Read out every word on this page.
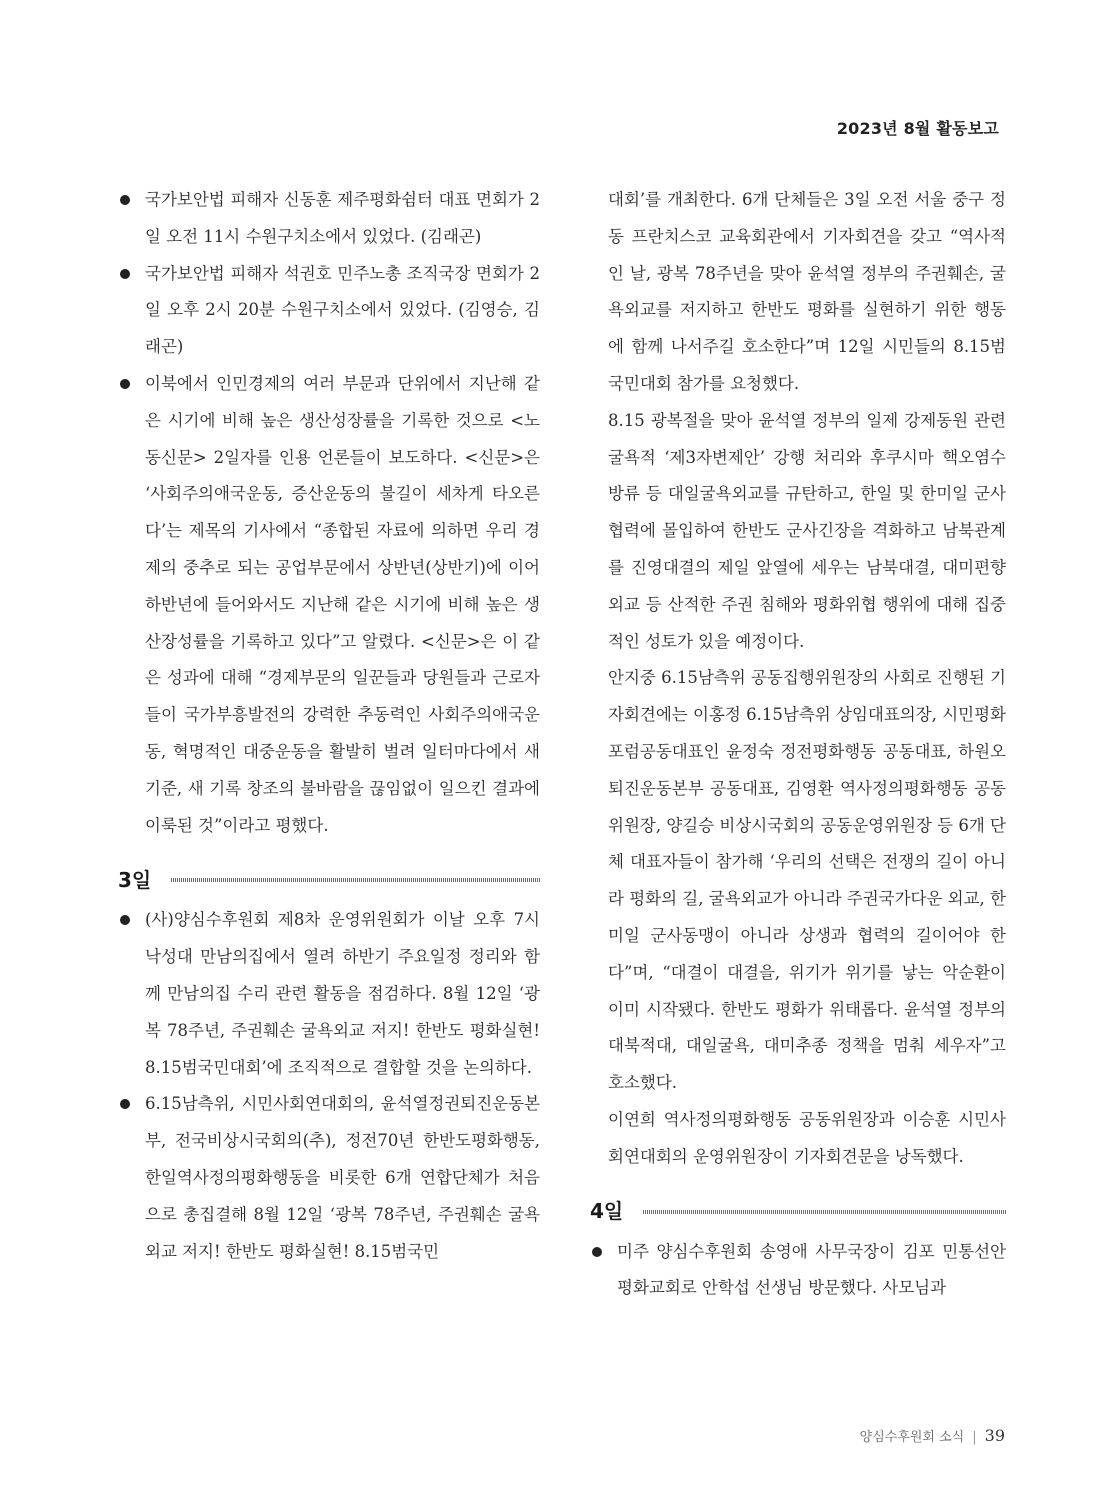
2023년 8월 활동보고
국가보안법 피해자 신동훈 제주평화쉼터 대표 면회가 2일 오전 11시 수원구치소에서 있었다. (김래곤)
국가보안법 피해자 석권호 민주노총 조직국장 면회가 2일 오후 2시 20분 수원구치소에서 있었다. (김영승, 김래곤)
이북에서 인민경제의 여러 부문과 단위에서 지난해 같은 시기에 비해 높은 생산성장률을 기록한 것으로 <노동신문> 2일자를 인용 언론들이 보도하다. <신문>은 ‘사회주의애국운동, 증산운동의 불길이 세차게 타오른다’는 제목의 기사에서 “종합된 자료에 의하면 우리 경제의 중추로 되는 공업부문에서 상반년(상반기)에 이어 하반년에 들어와서도 지난해 같은 시기에 비해 높은 생산장성률을 기록하고 있다”고 알렸다. <신문>은 이 같은 성과에 대해 “경제부문의 일꾼들과 당원들과 근로자들이 국가부흥발전의 강력한 추동력인 사회주의애국운동, 혁명적인 대중운동을 활발히 벌려 일터마다에서 새 기준, 새 기록 창조의 불바람을 끊임없이 일으킨 결과에 이룩된 것”이라고 평했다.
3일
(사)양심수후원회 제8차 운영위원회가 이날 오후 7시 낙성대 만남의집에서 열려 하반기 주요일정 정리와 함께 만남의집 수리 관련 활동을 점검하다. 8월 12일 ‘광복 78주년, 주권훼손 굴욕외교 저지! 한반도 평화실현! 8.15범국민대회’에 조직적으로 결합할 것을 논의하다.
6.15남측위, 시민사회연대회의, 윤석열정권퇴진운동본부, 전국비상시국회의(추), 정전70년 한반도평화행동, 한일역사정의평화행동을 비롯한 6개 연합단체가 처음으로 총집결해 8월 12일 ‘광복 78주년, 주권훼손 굴욕외교 저지! 한반도 평화실현! 8.15범국민
대회’를 개최한다. 6개 단체들은 3일 오전 서울 중구 정동 프란치스코 교육회관에서 기자회견을 갖고 “역사적인 날, 광복 78주년을 맞아 윤석열 정부의 주권훼손, 굴욕외교를 저지하고 한반도 평화를 실현하기 위한 행동에 함께 나서주길 호소한다”며 12일 시민들의 8.15범국민대회 참가를 요청했다.
8.15 광복절을 맞아 윤석열 정부의 일제 강제동원 관련 굴욕적 ‘제3자변제안’ 강행 처리와 후쿠시마 핵오염수 방류 등 대일굴욕외교를 규탄하고, 한일 및 한미일 군사협력에 몰입하여 한반도 군사긴장을 격화하고 남북관계를 진영대결의 제일 앞열에 세우는 남북대결, 대미편향 외교 등 산적한 주권 침해와 평화위협 행위에 대해 집중적인 성토가 있을 예정이다.
안지중 6.15남측위 공동집행위원장의 사회로 진행된 기자회견에는 이홍정 6.15남측위 상임대표의장, 시민평화포럼공동대표인 윤정숙 정전평화행동 공동대표, 하원오 퇴진운동본부 공동대표, 김영환 역사정의평화행동 공동위원장, 양길승 비상시국회의 공동운영위원장 등 6개 단체 대표자들이 참가해 ‘우리의 선택은 전쟁의 길이 아니라 평화의 길, 굴욕외교가 아니라 주권국가다운 외교, 한미일 군사동맹이 아니라 상생과 협력의 길이어야 한다”며, “대결이 대결을, 위기가 위기를 낳는 악순환이 이미 시작됐다. 한반도 평화가 위태롭다. 윤석열 정부의 대북적대, 대일굴욕, 대미추종 정책을 멈춰 세우자”고 호소했다.
이연희 역사정의평화행동 공동위원장과 이승훈 시민사회연대회의 운영위원장이 기자회견문을 낭독했다.
4일
미주 양심수후원회 송영애 사무국장이 김포 민통선안 평화교회로 안학섭 선생님 방문했다. 사모님과
양심수후원회 소식 | 39
